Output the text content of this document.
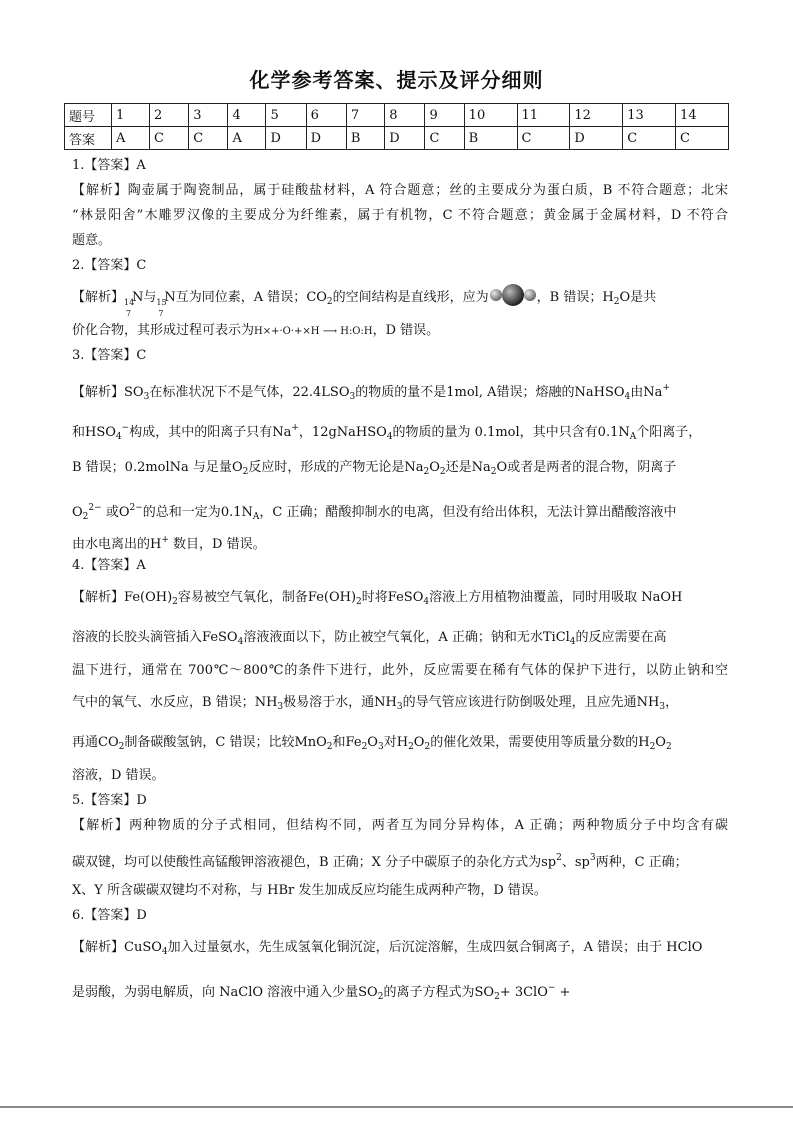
化学参考答案、提示及评分细则
题号	1	2	3	4	5	6	7	8	9	10	11	12	13	14
答案	A	C	C	A	D	D	B	D	C	B	C	D	C	C
1.【答案】A
【解析】陶壶属于陶瓷制品，属于硅酸盐材料，A 符合题意；丝的主要成分为蛋白质，B 不符合题意；北宋
“林景阳舍”木雕罗汉像的主要成分为纤维素，属于有机物，C 不符合题意；黄金属于金属材料，D 不符合
题意。
2.【答案】C
【解析】 14
7
N与 15
7
N互为同位素，A 错误；$CO_2$的空间结构是直线形，应为	，B 错误；$H_2O$是共
价化合物，其形成过程可表示为H×+·O·+×H ⟶ H:O:H，D 错误。
3.【答案】C
【解析】$SO_3$在标准状况下不是气体，$22.4LSO_3$的物质的量不是1mol, A错误；熔融的NaHSO$_4$由Na+
和$HSO_4^-$构成，其中的阳离子只有Na+，12gNaHSO$_4$的物质的量为 0.1mol，其中只含有$0.1N_A$个阳离子，
B 错误；0.2molNa 与足量$O_2$反应时，形成的产物无论是$Na_2O_2$还是$Na_2O$或者是两者的混合物，阴离子
$O_2^{2-}$ 或$O^{2-}$的总和一定为$0.1N_A$，C 正确；醋酸抑制水的电离，但没有给出体积，无法计算出醋酸溶液中
由水电离出的H+ 数目，D 错误。
4.【答案】A
【解析】$Fe(OH)_2$容易被空气氧化，制备$Fe(OH)_2$时将FeSO$_4$溶液上方用植物油覆盖，同时用吸取 NaOH
溶液的长胶头滴管插入FeSO$_4$溶液液面以下，防止被空气氧化，A 正确；钠和无水TiCl$_4$的反应需要在高
温下进行，通常在 700℃～800℃的条件下进行，此外，反应需要在稀有气体的保护下进行，以防止钠和空
气中的氧气、水反应，B 错误；$NH_3$极易溶于水，通$NH_3$的导气管应该进行防倒吸处理，且应先通$NH_3$，
再通$CO_2$制备碳酸氢钠，C 错误；比较MnO$_2$和$Fe_2O_3$对$H_2O_2$的催化效果，需要使用等质量分数的$H_2O_2$
溶液，D 错误。
5.【答案】D
【解析】两种物质的分子式相同，但结构不同，两者互为同分异构体，A 正确；两种物质分子中均含有碳
碳双键，均可以使酸性高锰酸钾溶液褪色，B 正确；X 分子中碳原子的杂化方式为$sp^2$、$sp^3$两种，C 正确；
X、Y 所含碳碳双键均不对称，与 HBr 发生加成反应均能生成两种产物，D 错误。
6.【答案】D
【解析】CuSO$_4$加入过量氨水，先生成氢氧化铜沉淀，后沉淀溶解，生成四氨合铜离子，A 错误；由于 HClO
是弱酸，为弱电解质，向 NaClO 溶液中通入少量$SO_2$的离子方程式为$SO_2+ 3ClO^-$ +
